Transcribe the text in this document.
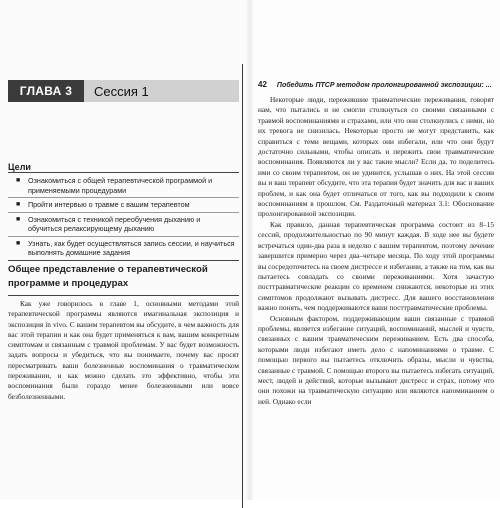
ГЛАВА 3	Сессия 1
Цели
■ Ознакомиться с общей терапевтической программой и применяемыми процедурами
■ Пройти интервью о травме с вашим терапевтом
■ Ознакомиться с техникой переобучения дыханию и обучиться релаксирующему дыханию
■ Узнать, как будет осуществляться запись сессии, и научиться выполнять домашние задания
Общее представление о терапевтической программе и процедурах

Как уже говорилось в главе 1, основными методами этой терапевтической программы являются имагинальная экспозиция и экспозиция in vivo. С вашим терапевтом вы обсудите, в чем важность для вас этой терапии и как она будет применяться к вам, вашим конкретным симптомам и связанным с травмой проблемам. У вас будет возможность задать вопросы и убедиться, что вы понимаете, почему вас просят пересматривать ваши болезненные воспоминания о травматическом переживании, и как можно сделать это эффективно, чтобы эти воспоминания были гораздо менее болезненными или вовсе безболезненными.

42 Победить ПТСР методом пролонгированной экспозиции: ...

Некоторые люди, пережившие травматические переживания, говорят нам, что пытались и не смогли столкнуться со своими связанными с травмой воспоминаниями и страхами, или что они столкнулись с ними, но их тревога не снизилась. Некоторые просто не могут представить, как справиться с теми вещами, которых они избегали, или что они будут достаточно сильными, чтобы описать и пережить свои травматические воспоминания. Появляются ли у вас такие мысли? Если да, то поделитесь ими со своим терапевтом, он не удивится, услышав о них. На этой сессии вы и ваш терапевт обсудите, что эта терапия будет значить для вас и ваших проблем, и как она будет отличаться от того, как вы подходили к своим воспоминаниям в прошлом. См. Раздаточный материал 3.1: Обоснование пролонгированной экспозиции.

Как правило, данная терапевтическая программа состоит из 8–15 сессий, продолжительностью по 90 минут каждая. В ходе нее вы будете встречаться один-два раза в неделю с вашим терапевтом, поэтому лечение завершится примерно через два–четыре месяца. По ходу этой программы вы сосредоточитесь на своем дистрессе и избегании, а также на том, как вы пытаетесь совладать со своими переживаниями. Хотя зачастую посттравматические реакции со временем снижаются, некоторые из этих симптомов продолжают вызывать дистресс. Для вашего восстановления важно понять, чем поддерживаются ваши посттравматические проблемы.

Основным фактором, поддерживающим ваши связанные с травмой проблемы, является избегание ситуаций, воспоминаний, мыслей и чувств, связанных с вашим травматическим переживанием. Есть два способа, которыми люди избегают иметь дело с напоминаниями о травме. С помощью первого вы пытаетесь отключить образы, мысли и чувства, связанные с травмой. С помощью второго вы пытаетесь избегать ситуаций, мест, людей и действий, которые вызывают дистресс и страх, потому что они похожи на травматическую ситуацию или являются напоминанием о ней. Однако если
